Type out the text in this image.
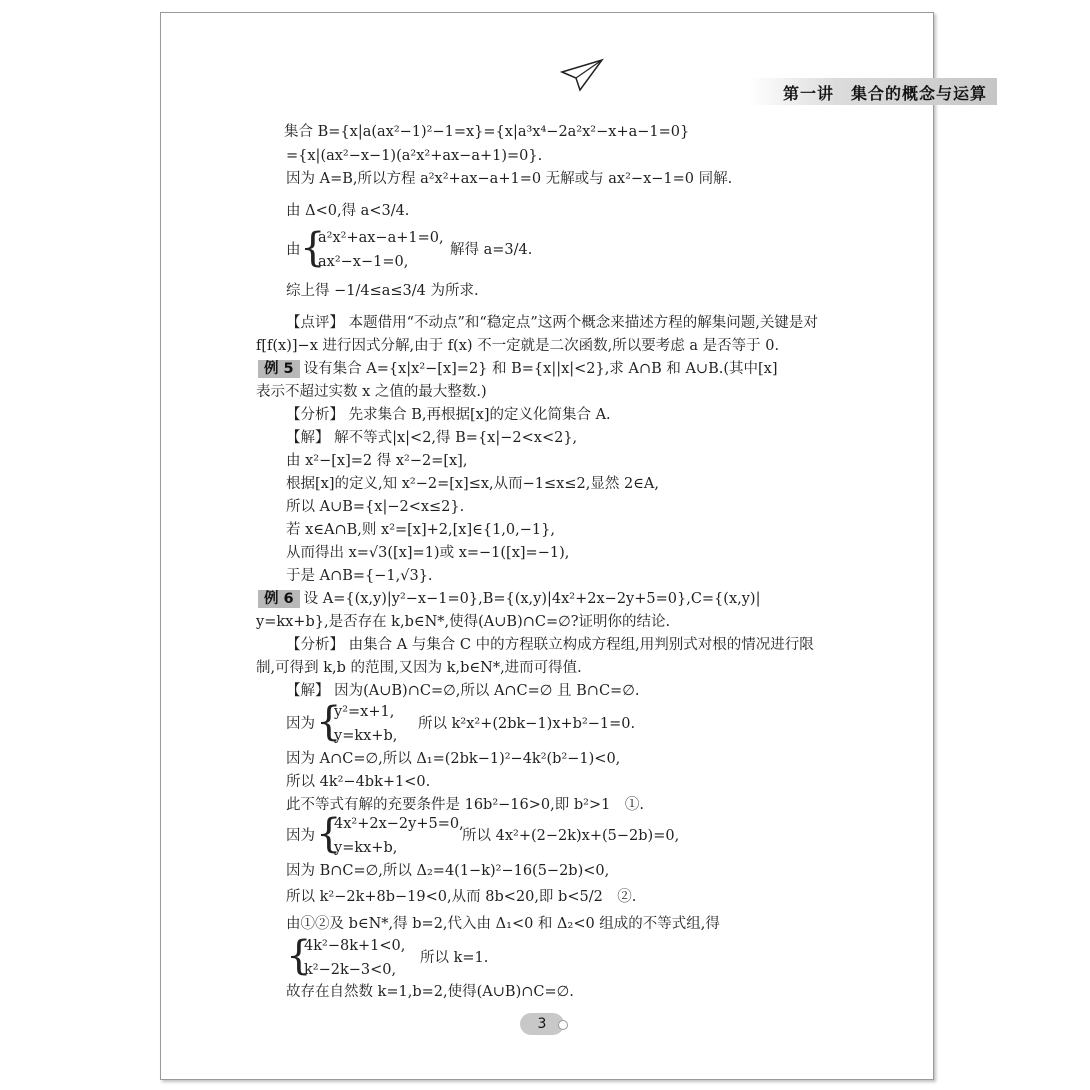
第一讲　集合的概念与运算
集合 B={x|a(ax²−1)²−1=x}={x|a³x⁴−2a²x²−x+a−1=0}
={x|(ax²−x−1)(a²x²+ax−a+1)=0}.
因为 A=B,所以方程 a²x²+ax−a+1=0 无解或与 ax²−x−1=0 同解.
由 Δ<0,得 a<3/4.
由 {
a²x²+ax−a+1=0,
ax²−x−1=0,
解得 a=3/4.
综上得 −1/4≤a≤3/4 为所求.
【点评】 本题借用“不动点”和“稳定点”这两个概念来描述方程的解集问题,关键是对
f[f(x)]−x 进行因式分解,由于 f(x) 不一定就是二次函数,所以要考虑 a 是否等于 0.
例 5 设有集合 A={x|x²−[x]=2} 和 B={x||x|<2},求 A∩B 和 A∪B.(其中[x]
表示不超过实数 x 之值的最大整数.)
【分析】 先求集合 B,再根据[x]的定义化简集合 A.
【解】 解不等式|x|<2,得 B={x|−2<x<2},
由 x²−[x]=2 得 x²−2=[x],
根据[x]的定义,知 x²−2=[x]≤x,从而−1≤x≤2,显然 2∈A,
所以 A∪B={x|−2<x≤2}.
若 x∈A∩B,则 x²=[x]+2,[x]∈{1,0,−1},
从而得出 x=√3([x]=1)或 x=−1([x]=−1),
于是 A∩B={−1,√3}.
例 6 设 A={(x,y)|y²−x−1=0},B={(x,y)|4x²+2x−2y+5=0},C={(x,y)|
y=kx+b},是否存在 k,b∈N*,使得(A∪B)∩C=∅?证明你的结论.
【分析】 由集合 A 与集合 C 中的方程联立构成方程组,用判别式对根的情况进行限
制,可得到 k,b 的范围,又因为 k,b∈N*,进而可得值.
【解】 因为(A∪B)∩C=∅,所以 A∩C=∅ 且 B∩C=∅.
因为 {
y²=x+1,
y=kx+b,
所以 k²x²+(2bk−1)x+b²−1=0.
因为 A∩C=∅,所以 Δ₁=(2bk−1)²−4k²(b²−1)<0,
所以 4k²−4bk+1<0.
此不等式有解的充要条件是 16b²−16>0,即 b²>1　①.
因为 {
4x²+2x−2y+5=0,
y=kx+b,
所以 4x²+(2−2k)x+(5−2b)=0,
因为 B∩C=∅,所以 Δ₂=4(1−k)²−16(5−2b)<0,
所以 k²−2k+8b−19<0,从而 8b<20,即 b<5/2　②.
由①②及 b∈N*,得 b=2,代入由 Δ₁<0 和 Δ₂<0 组成的不等式组,得
{
4k²−8k+1<0,
k²−2k−3<0,
所以 k=1.
故存在自然数 k=1,b=2,使得(A∪B)∩C=∅.
3
